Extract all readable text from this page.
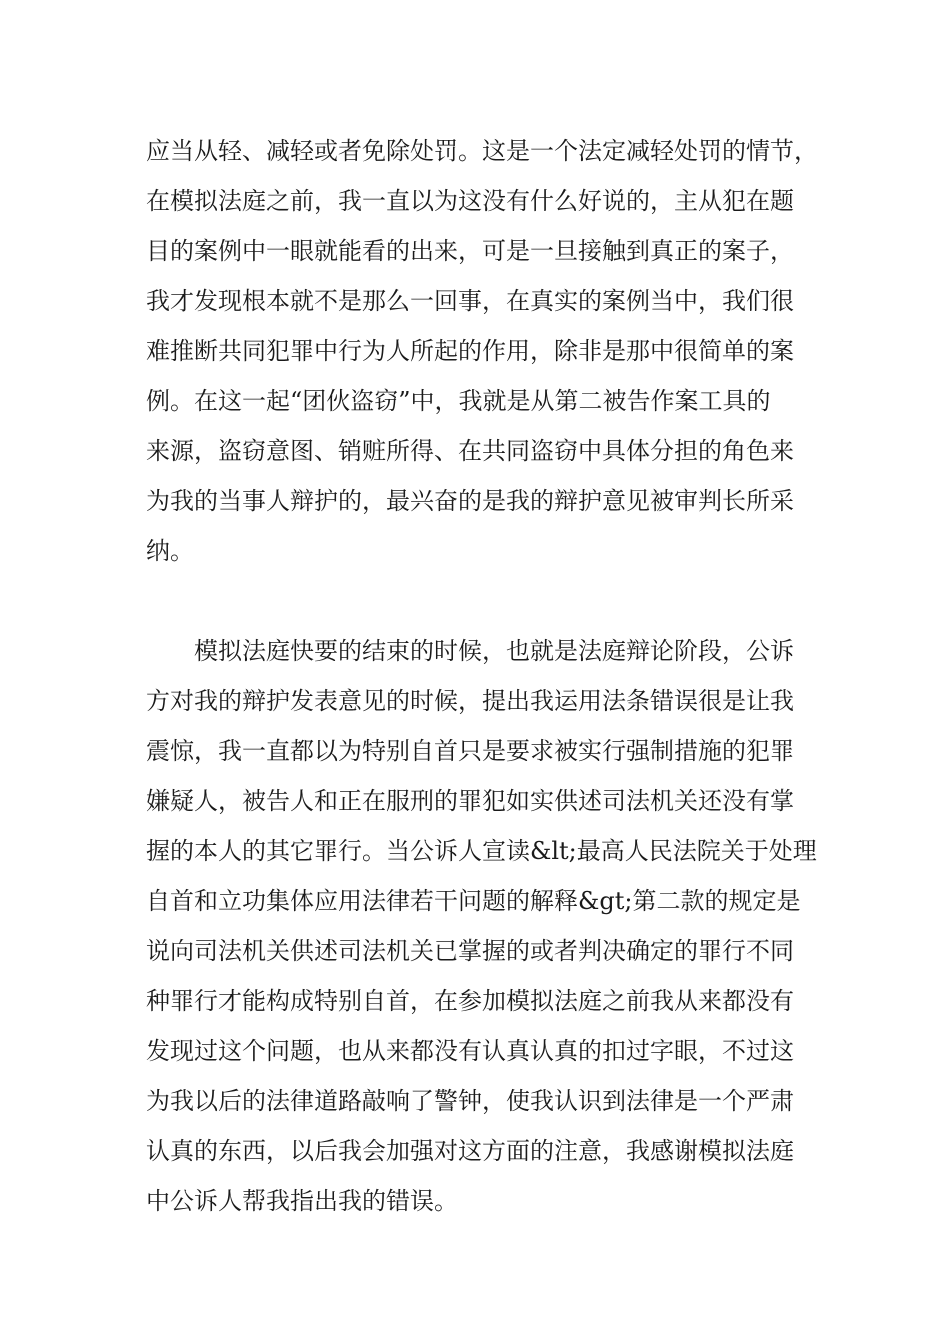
应当从轻、减轻或者免除处罚。这是一个法定减轻处罚的情节，
在模拟法庭之前，我一直以为这没有什么好说的，主从犯在题
目的案例中一眼就能看的出来，可是一旦接触到真正的案子，
我才发现根本就不是那么一回事，在真实的案例当中，我们很
难推断共同犯罪中行为人所起的作用，除非是那中很简单的案
例。在这一起“团伙盗窃”中，我就是从第二被告作案工具的
来源，盗窃意图、销赃所得、在共同盗窃中具体分担的角色来
为我的当事人辩护的，最兴奋的是我的辩护意见被审判长所采
纳。
模拟法庭快要的结束的时候，也就是法庭辩论阶段，公诉
方对我的辩护发表意见的时候，提出我运用法条错误很是让我
震惊，我一直都以为特别自首只是要求被实行强制措施的犯罪
嫌疑人，被告人和正在服刑的罪犯如实供述司法机关还没有掌
握的本人的其它罪行。当公诉人宣读&lt;最高人民法院关于处理
自首和立功集体应用法律若干问题的解释&gt;第二款的规定是
说向司法机关供述司法机关已掌握的或者判决确定的罪行不同
种罪行才能构成特别自首，在参加模拟法庭之前我从来都没有
发现过这个问题，也从来都没有认真认真的扣过字眼，不过这
为我以后的法律道路敲响了警钟，使我认识到法律是一个严肃
认真的东西，以后我会加强对这方面的注意，我感谢模拟法庭
中公诉人帮我指出我的错误。
